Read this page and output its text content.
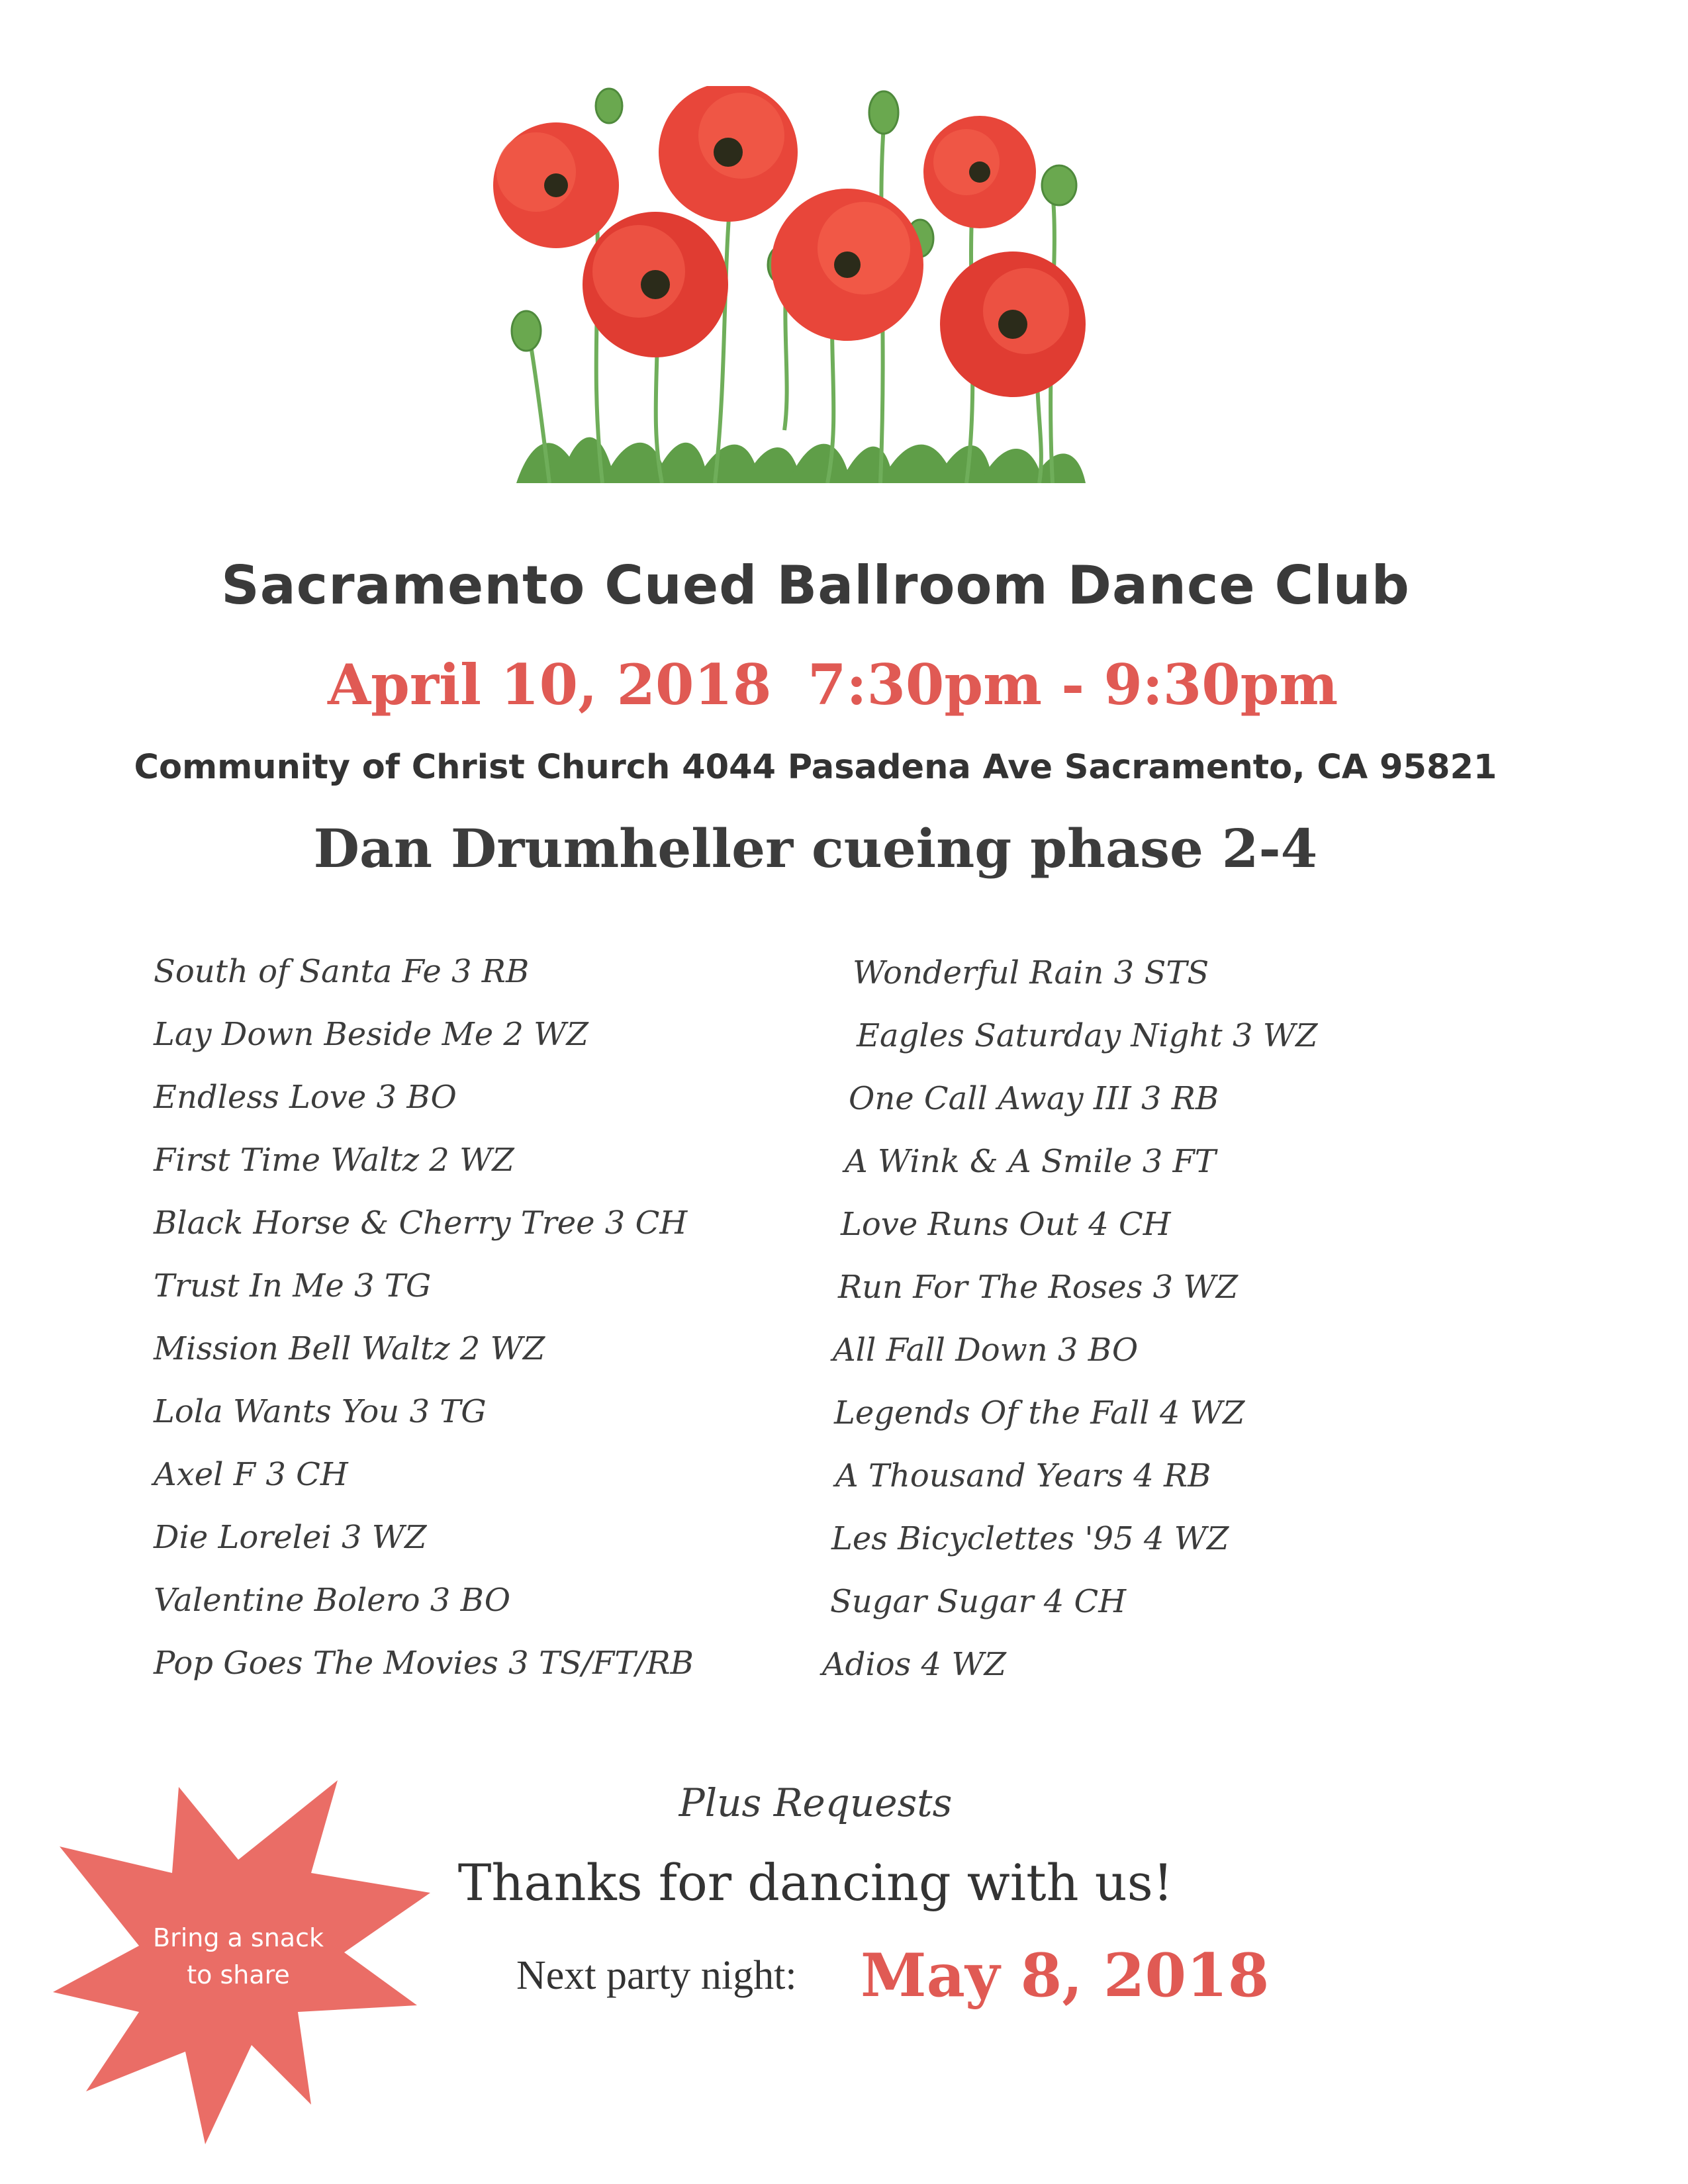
Sacramento Cued Ballroom Dance Club
April 10, 2018 7:30pm - 9:30pm
Community of Christ Church 4044 Pasadena Ave Sacramento, CA 95821
Dan Drumheller cueing phase 2-4
South of Santa Fe 3 RB
Lay Down Beside Me 2 WZ
Endless Love 3 BO
First Time Waltz 2 WZ
Black Horse & Cherry Tree 3 CH
Trust In Me 3 TG
Mission Bell Waltz 2 WZ
Lola Wants You 3 TG
Axel F 3 CH
Die Lorelei 3 WZ
Valentine Bolero 3 BO
Pop Goes The Movies 3 TS/FT/RB
Wonderful Rain 3 STS
Eagles Saturday Night 3 WZ
One Call Away III 3 RB
A Wink & A Smile 3 FT
Love Runs Out 4 CH
Run For The Roses 3 WZ
All Fall Down 3 BO
Legends Of the Fall 4 WZ
A Thousand Years 4 RB
Les Bicyclettes '95 4 WZ
Sugar Sugar 4 CH
Adios 4 WZ
Plus Requests
Thanks for dancing with us!
Next party night: May 8, 2018
Bring a snack
to share
